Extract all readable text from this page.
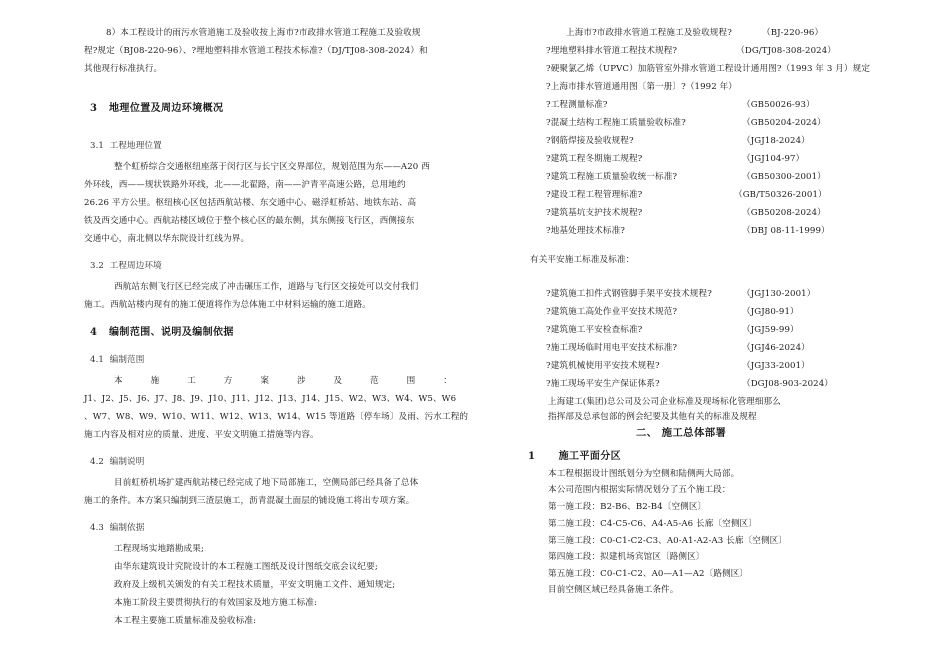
8）本工程设计的雨污水管道施工及验收按上海市?市政排水管道工程施工及验收规
程?规定（BJ08-220-96）、?埋地塑料排水管道工程技术标准?（DJ/TJ08-308-2024）和
其他现行标准执行。
3 地理位置及周边环境概况
3.1 工程地理位置
整个虹桥综合交通枢纽座落于闵行区与长宁区交界部位，规划范围为东——A20 西
外环线，西——规状铁路外环线，北——北翟路，南——沪青平高速公路，总用地约
26.26 平方公里。枢纽核心区包括西航站楼、东交通中心、磁浮虹桥站、地铁东站、高
铁及西交通中心。西航站楼区域位于整个核心区的最东侧，其东侧接飞行区，西侧接东
交通中心，南北侧以华东院设计红线为界。
3.2 工程周边环境
西航站东侧飞行区已经完成了冲击碾压工作，道路与飞行区交接处可以交付我们
施工。西航站楼内现有的施工便道将作为总体施工中材料运输的施工道路。
4 编制范围、说明及编制依据
4.1 编制范围
本	施	工	方	案	涉	及	范	围	：
J1、J2、J5、J6、J7、J8、J9、J10、J11、J12、J13、J14、J15、W2、W3、W4、W5、W6
、W7、W8、W9、W10、W11、W12、W13、W14、W15 等道路〔停车场〕及雨、污水工程的
施工内容及相对应的质量、进度、平安文明施工措施等内容。
4.2 编制说明
目前虹桥机场扩建西航站楼已经完成了地下局部施工，空侧局部已经具备了总体
施工的条件。本方案只编制到三渣层施工，沥青混凝土面层的铺设施工将出专项方案。
4.3 编制依据
工程现场实地踏勘成果;
由华东建筑设计究院设计的本工程施工图纸及设计图纸交底会议纪要;
政府及上级机关颁发的有关工程技术质量，平安文明施工文件、通知规定;
本施工阶段主要贯彻执行的有效国家及地方施工标准:
本工程主要施工质量标准及验收标准:
上海市?市政排水管道工程施工及验收规程?	（BJ-220-96）
?埋地塑料排水管道工程技术规程?	（DG/TJ08-308-2024）
?硬聚氯乙烯（UPVC）加筋管室外排水管道工程设计通用图?（1993 年 3 月）规定
?上海市排水管道通用图〔第一册〕?（1992 年）
?工程测量标准?	（GB50026-93）
?混凝土结构工程施工质量验收标准?	（GB50204-2024）
?钢筋焊接及验收规程?	（JGJ18-2024）
?建筑工程冬期施工规程?	（JGJ104-97）
?建筑工程施工质量验收统一标准?	（GB50300-2001）
?建设工程工程管理标准?	（GB/T50326-2001）
?建筑基坑支护技术规程?	（GB50208-2024）
?地基处理技术标准?	（DBJ 08-11-1999）
有关平安施工标准及标准：
?建筑施工扣件式钢管脚手架平安技术规程?	（JGJ130-2001）
?建筑施工高处作业平安技术规范?	（JGJ80-91）
?建筑施工平安检查标准?	（JGJ59-99）
?施工现场临时用电平安技术标准?	（JGJ46-2024）
?建筑机械使用平安技术规程?	（JGJ33-2001）
?施工现场平安生产保证体系?	（DGJ08-903-2024）
上海建工(集团)总公司及公司企业标准及现场标化管理细那么
指挥部及总承包部的例会纪要及其他有关的标准及规程
二、 施工总体部署
1 施工平面分区
本工程根据设计图纸划分为空侧和陆侧两大局部。
本公司范围内根据实际情况划分了五个施工段：
第一施工段：B2-B6、B2-B4〔空侧区〕
第二施工段：C4-C5-C6、A4-A5-A6 长廊〔空侧区〕
第三施工段：C0-C1-C2-C3、A0-A1-A2-A3 长廊〔空侧区〕
第四施工段：拟建机场宾馆区〔路侧区〕
第五施工段：C0-C1-C2、A0—A1—A2〔路侧区〕
目前空侧区域已经具备施工条件。
